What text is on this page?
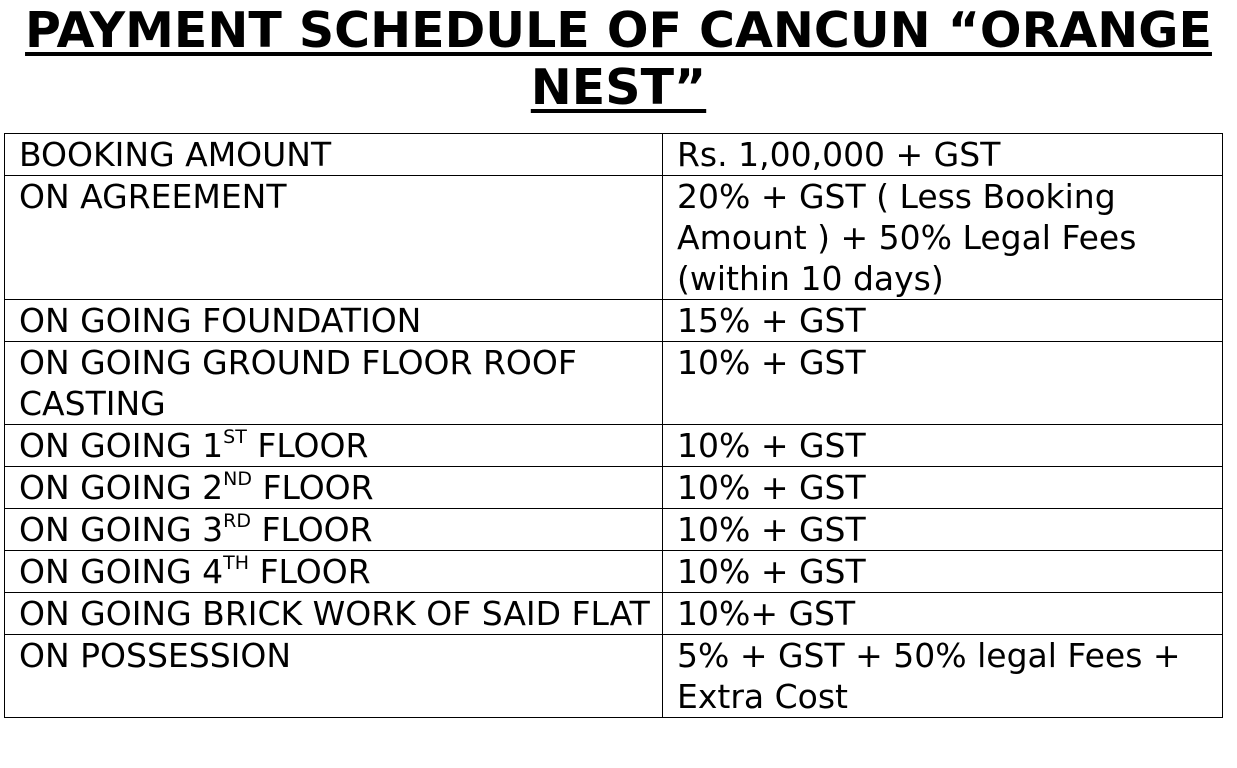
PAYMENT SCHEDULE OF CANCUN “ORANGE NEST”
BOOKING AMOUNT	Rs. 1,00,000 + GST
ON AGREEMENT	20% + GST ( Less Booking Amount ) + 50% Legal Fees (within 10 days)
ON GOING FOUNDATION	15% + GST
ON GOING GROUND FLOOR ROOF CASTING	10% + GST
ON GOING 1ST FLOOR	10% + GST
ON GOING 2ND FLOOR	10% + GST
ON GOING 3RD FLOOR	10% + GST
ON GOING 4TH FLOOR	10% + GST
ON GOING BRICK WORK OF SAID FLAT	10%+ GST
ON POSSESSION	5% + GST + 50% legal Fees + Extra Cost
